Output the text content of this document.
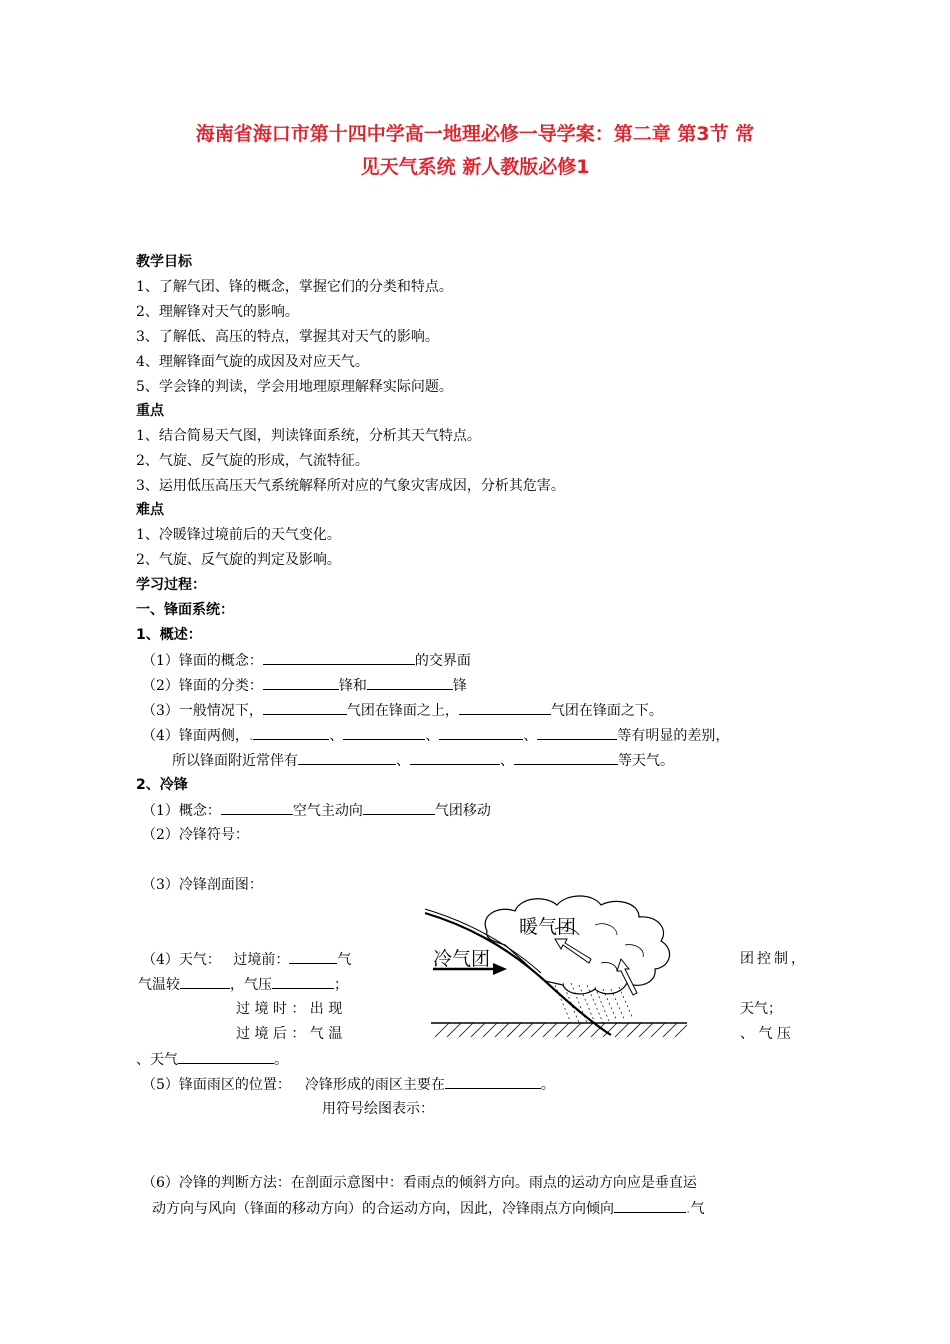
海南省海口市第十四中学高一地理必修一导学案：第二章 第3节 常
见天气系统 新人教版必修1
教学目标
1、了解气团、锋的概念，掌握它们的分类和特点。
2、理解锋对天气的影响。
3、了解低、高压的特点，掌握其对天气的影响。
4、理解锋面气旋的成因及对应天气。
5、学会锋的判读，学会用地理原理解释实际问题。
重点
1、结合简易天气图，判读锋面系统，分析其天气特点。
2、气旋、反气旋的形成，气流特征。
3、运用低压高压天气系统解释所对应的气象灾害成因，分析其危害。
难点
1、冷暖锋过境前后的天气变化。
2、气旋、反气旋的判定及影响。
学习过程：
一、锋面系统：
1、概述：
（1）锋面的概念：	的交界面
（2）锋面的分类：	锋和	锋
（3）一般情况下，	气团在锋面之上，	气团在锋面之下。
（4）锋面两侧，.	、	、	、	等有明显的差别，
所以锋面附近常伴有	、	、	等天气。
2、冷锋
（1）概念：	空气主动向	气团移动
（2）冷锋符号：
（3）冷锋剖面图：
暖气团
冷气团
（4）天气： 过境前：	气	团控制，
气温较	，气压	；
过 境 时 ： 出 现	天气；
过 境 后 ： 气 温	、 气 压
、天气	。
（5）锋面雨区的位置： 冷锋形成的雨区主要在	。
用符号绘图表示：
（6）冷锋的判断方法：在剖面示意图中：看雨点的倾斜方向。雨点的运动方向应是垂直运
动方向与风向（锋面的移动方向）的合运动方向，因此，冷锋雨点方向倾向	.气
